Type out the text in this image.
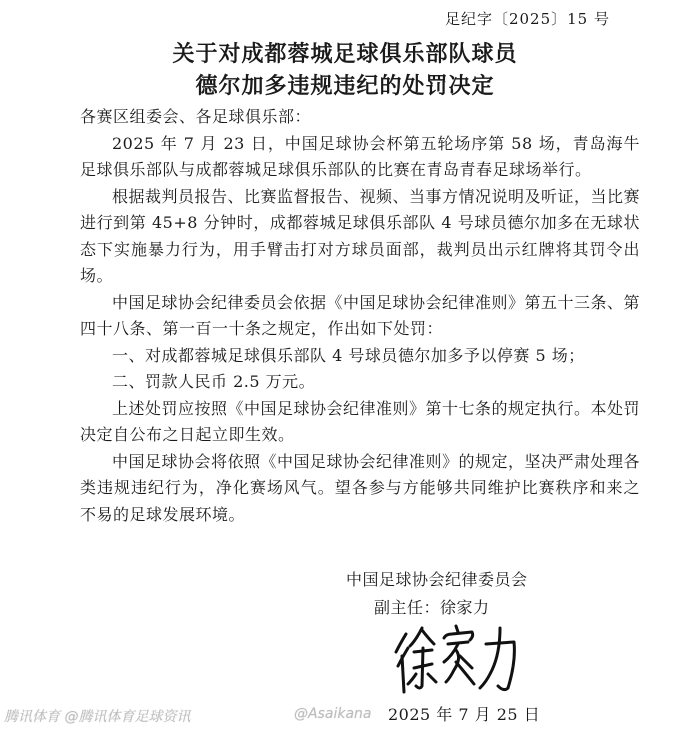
足纪字〔2025〕15 号
关于对成都蓉城足球俱乐部队球员
德尔加多违规违纪的处罚决定

各赛区组委会、各足球俱乐部：

2025 年 7 月 23 日，中国足球协会杯第五轮场序第 58 场，青岛海牛足球俱乐部队与成都蓉城足球俱乐部队的比赛在青岛青春足球场举行。

根据裁判员报告、比赛监督报告、视频、当事方情况说明及听证，当比赛进行到第 45+8 分钟时，成都蓉城足球俱乐部队 4 号球员德尔加多在无球状态下实施暴力行为，用手臂击打对方球员面部，裁判员出示红牌将其罚令出场。

中国足球协会纪律委员会依据《中国足球协会纪律准则》第五十三条、第四十八条、第一百一十条之规定，作出如下处罚：

一、对成都蓉城足球俱乐部队 4 号球员德尔加多予以停赛 5 场；

二、罚款人民币 2.5 万元。

上述处罚应按照《中国足球协会纪律准则》第十七条的规定执行。本处罚决定自公布之日起立即生效。

中国足球协会将依照《中国足球协会纪律准则》的规定，坚决严肃处理各类违规违纪行为，净化赛场风气。望各参与方能够共同维护比赛秩序和来之不易的足球发展环境。

中国足球协会纪律委员会
副主任：徐家力
2025 年 7 月 25 日
腾讯体育 @腾讯体育足球资讯	@Asaikana
